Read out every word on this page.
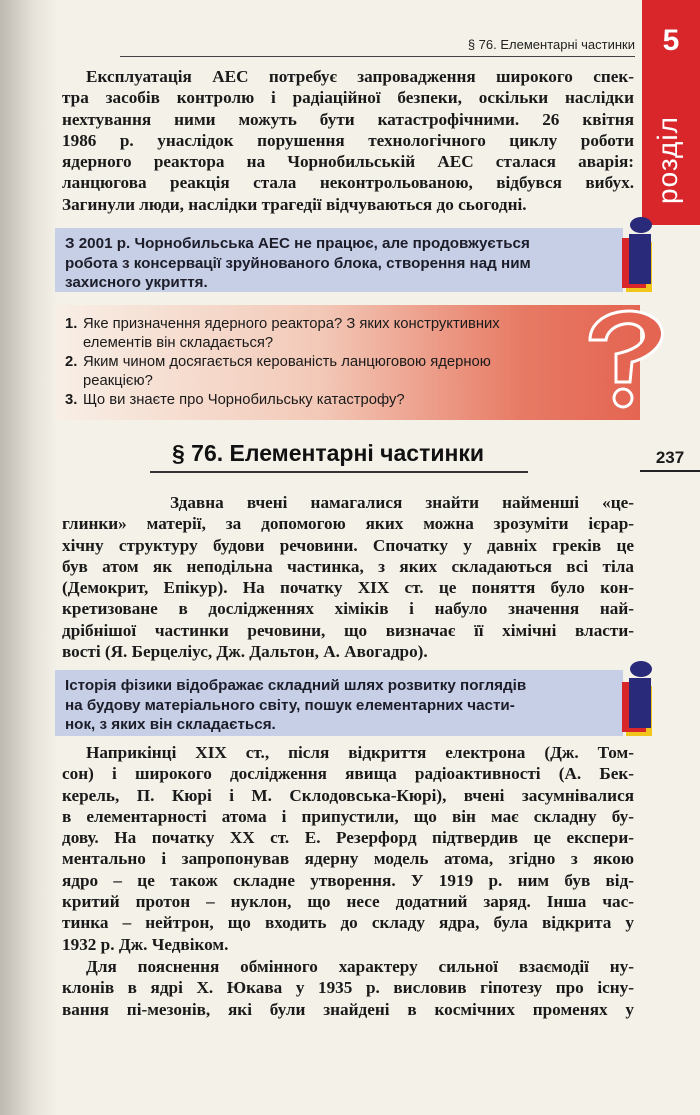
§ 76. Елементарні частинки 5
розділ
Експлуатація АЕС потребує запровадження широкого спек-
тра засобів контролю і радіаційної безпеки, оскільки наслідки
нехтування ними можуть бути катастрофічними. 26 квітня
1986 р. унаслідок порушення технологічного циклу роботи
ядерного реактора на Чорнобильській АЕС сталася аварія:
ланцюгова реакція стала неконтрольованою, відбувся вибух.
Загинули люди, наслідки трагедії відчуваються до сьогодні.
З 2001 р. Чорнобильська АЕС не працює, але продовжується
робота з консервації зруйнованого блока, створення над ним
захисного укриття.
1. Яке призначення ядерного реактора? З яких конструктивних
елементів він складається?
2. Яким чином досягається керованість ланцюговою ядерною
реакцією?
3. Що ви знаєте про Чорнобильську катастрофу?
237
§ 76. Елементарні частинки
Здавна вчені намагалися знайти найменші «це-
глинки» матерії, за допомогою яких можна зрозуміти ієрар-
хічну структуру будови речовини. Спочатку у давніх греків це
був атом як неподільна частинка, з яких складаються всі тіла
(Демокрит, Епікур). На початку XIX ст. це поняття було кон-
кретизоване в дослідженнях хіміків і набуло значення най-
дрібнішої частинки речовини, що визначає її хімічні власти-
вості (Я. Берцеліус, Дж. Дальтон, А. Авогадро).
Історія фізики відображає складний шлях розвитку поглядів
на будову матеріального світу, пошук елементарних части-
нок, з яких він складається.
Наприкінці XIX ст., після відкриття електрона (Дж. Том-
сон) і широкого дослідження явища радіоактивності (А. Бек-
керель, П. Кюрі і М. Склодовська-Кюрі), вчені засумнівалися
в елементарності атома і припустили, що він має складну бу-
дову. На початку XX ст. Е. Резерфорд підтвердив це експери-
ментально і запропонував ядерну модель атома, згідно з якою
ядро – це також складне утворення. У 1919 р. ним був від-
критий протон – нуклон, що несе додатний заряд. Інша час-
тинка – нейтрон, що входить до складу ядра, була відкрита у
1932 р. Дж. Чедвіком.
Для пояснення обмінного характеру сильної взаємодії ну-
клонів в ядрі Х. Юкава у 1935 р. висловив гіпотезу про існу-
вання пі-мезонів, які були знайдені в космічних променях у
